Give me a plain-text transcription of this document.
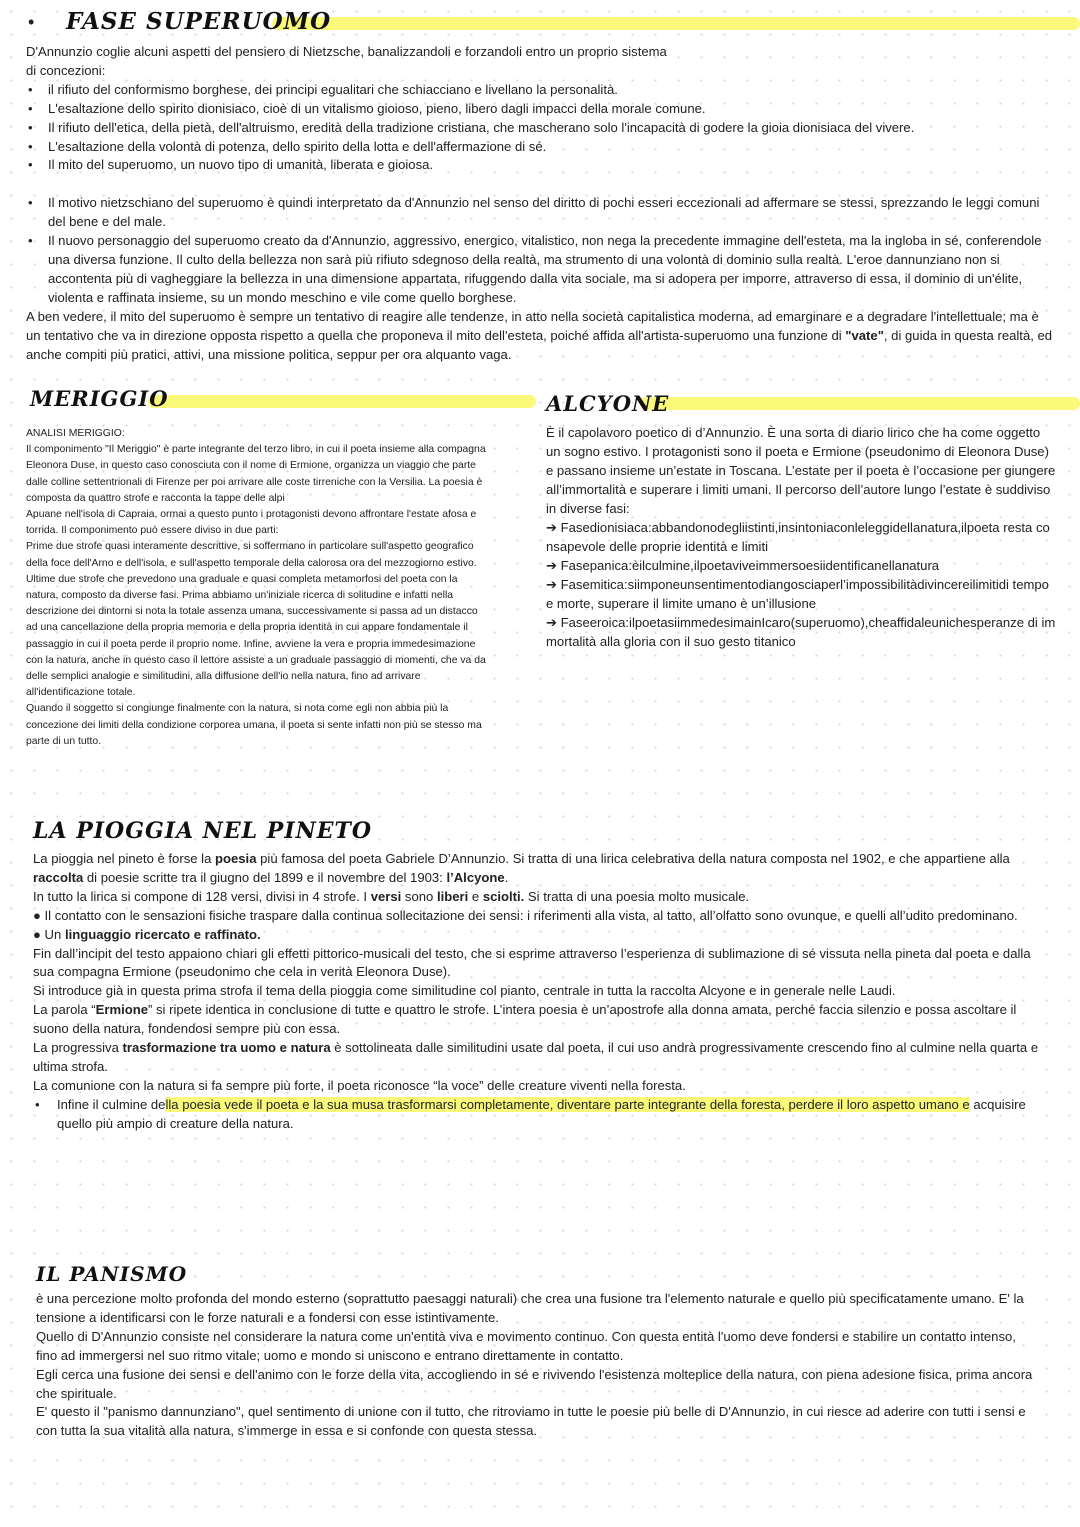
• FASE SUPERUOMO

D'Annunzio coglie alcuni aspetti del pensiero di Nietzsche, banalizzandoli e forzandoli entro un proprio sistema di concezioni:

• il rifiuto del conformismo borghese, dei principi egualitari che schiacciano e livellano la personalità.
• L'esaltazione dello spirito dionisiaco, cioè di un vitalismo gioioso, pieno, libero dagli impacci della morale comune.
• Il rifiuto dell'etica, della pietà, dell'altruismo, eredità della tradizione cristiana, che mascherano solo l'incapacità di godere la gioia dionisiaca del vivere.
• L'esaltazione della volontà di potenza, dello spirito della lotta e dell'affermazione di sé.
• Il mito del superuomo, un nuovo tipo di umanità, liberata e gioiosa.
• Il motivo nietzschiano del superuomo è quindi interpretato da d'Annunzio nel senso del diritto di pochi esseri eccezionali ad affermare se stessi, sprezzando le leggi comuni del bene e del male.
• Il nuovo personaggio del superuomo creato da d'Annunzio, aggressivo, energico, vitalistico, non nega la precedente immagine dell'esteta, ma la ingloba in sé, conferendole una diversa funzione. Il culto della bellezza non sarà più rifiuto sdegnoso della realtà, ma strumento di una volontà di dominio sulla realtà. L'eroe dannunziano non si accontenta più di vagheggiare la bellezza in una dimensione appartata, rifuggendo dalla vita sociale, ma si adopera per imporre, attraverso di essa, il dominio di un'élite, violenta e raffinata insieme, su un mondo meschino e vile come quello borghese.

A ben vedere, il mito del superuomo è sempre un tentativo di reagire alle tendenze, in atto nella società capitalistica moderna, ad emarginare e a degradare l'intellettuale; ma è un tentativo che va in direzione opposta rispetto a quella che proponeva il mito dell'esteta, poiché affida all'artista-superuomo una funzione di "vate", di guida in questa realtà, ed anche compiti più pratici, attivi, una missione politica, seppur per ora alquanto vaga.

MERIGGIO

ANALISI MERIGGIO:

Il componimento "Il Meriggio" è parte integrante del terzo libro, in cui il poeta insieme alla compagna Eleonora Duse, in questo caso conosciuta con il nome di Ermione, organizza un viaggio che parte dalle colline settentrionali di Firenze per poi arrivare alle coste tirreniche con la Versilia. La poesia è composta da quattro strofe e racconta la tappe delle alpi

Apuane nell'isola di Capraia, ormai a questo punto i protagonisti devono affrontare l'estate afosa e torrida. Il componimento può essere diviso in due parti:

Prime due strofe quasi interamente descrittive, si soffermano in particolare sull'aspetto geografico della foce dell'Arno e dell'isola, e sull'aspetto temporale della calorosa ora del mezzogiorno estivo.

Ultime due strofe che prevedono una graduale e quasi completa metamorfosi del poeta con la natura, composto da diverse fasi. Prima abbiamo un'iniziale ricerca di solitudine e infatti nella descrizione dei dintorni si nota la totale assenza umana, successivamente si passa ad un distacco ad una cancellazione della propria memoria e della propria identità in cui appare fondamentale il passaggio in cui il poeta perde il proprio nome. Infine, avviene la vera e propria immedesimazione con la natura, anche in questo caso il lettore assiste a un graduale passaggio di momenti, che va da delle semplici analogie e similitudini, alla diffusione dell'io nella natura, fino ad arrivare all'identificazione totale.

Quando il soggetto si congiunge finalmente con la natura, si nota come egli non abbia più la concezione dei limiti della condizione corporea umana, il poeta si sente infatti non più se stesso ma parte di un tutto.

ALCYONE

È il capolavoro poetico di d’Annunzio. È una sorta di diario lirico che ha come oggetto un sogno estivo. I protagonisti sono il poeta e Ermione (pseudonimo di Eleonora Duse) e passano insieme un’estate in Toscana. L’estate per il poeta è l’occasione per giungere all’immortalità e superare i limiti umani. Il percorso dell’autore lungo l’estate è suddiviso in diverse fasi:

➔ Fasedionisiaca:abbandonodegliistinti,insintoniaconleleggidellanatura,ilpoeta resta consapevole delle proprie identità e limiti

➔ Fasepanica:èilculmine,ilpoetaviveimmersoesiidentificanellanatura

➔ Fasemitica:siimponeunsentimentodiangosciaperl’impossibilitàdivincereilimitidi tempo e morte, superare il limite umano è un’illusione

➔ Faseeroica:ilpoetasiimmedesimainIcaro(superuomo),cheaffidaleunichesperanze di immortalità alla gloria con il suo gesto titanico

LA PIOGGIA NEL PINETO

La pioggia nel pineto è forse la poesia più famosa del poeta Gabriele D’Annunzio. Si tratta di una lirica celebrativa della natura composta nel 1902, e che appartiene alla raccolta di poesie scritte tra il giugno del 1899 e il novembre del 1903: l’Alcyone.

In tutto la lirica si compone di 128 versi, divisi in 4 strofe. I versi sono liberi e sciolti. Si tratta di una poesia molto musicale.

● Il contatto con le sensazioni fisiche traspare dalla continua sollecitazione dei sensi: i riferimenti alla vista, al tatto, all’olfatto sono ovunque, e quelli all’udito predominano.

● Un linguaggio ricercato e raffinato.

Fin dall’incipit del testo appaiono chiari gli effetti pittorico-musicali del testo, che si esprime attraverso l’esperienza di sublimazione di sé vissuta nella pineta dal poeta e dalla sua compagna Ermione (pseudonimo che cela in verità Eleonora Duse).

Si introduce già in questa prima strofa il tema della pioggia come similitudine col pianto, centrale in tutta la raccolta Alcyone e in generale nelle Laudi.

La parola “Ermione” si ripete identica in conclusione di tutte e quattro le strofe. L’intera poesia è un’apostrofe alla donna amata, perché faccia silenzio e possa ascoltare il suono della natura, fondendosi sempre più con essa.

La progressiva trasformazione tra uomo e natura è sottolineata dalle similitudini usate dal poeta, il cui uso andrà progressivamente crescendo fino al culmine nella quarta e ultima strofa.

La comunione con la natura si fa sempre più forte, il poeta riconosce “la voce” delle creature viventi nella foresta.

• Infine il culmine della poesia vede il poeta e la sua musa trasformarsi completamente, diventare parte integrante della foresta, perdere il loro aspetto umano e acquisire quello più ampio di creature della natura.
IL PANISMO

è una percezione molto profonda del mondo esterno (soprattutto paesaggi naturali) che crea una fusione tra l'elemento naturale e quello più specificatamente umano. E' la tensione a identificarsi con le forze naturali e a fondersi con esse istintivamente.

Quello di D'Annunzio consiste nel considerare la natura come un'entità viva e movimento continuo. Con questa entità l'uomo deve fondersi e stabilire un contatto intenso, fino ad immergersi nel suo ritmo vitale; uomo e mondo si uniscono e entrano direttamente in contatto.

Egli cerca una fusione dei sensi e dell'animo con le forze della vita, accogliendo in sé e rivivendo l'esistenza molteplice della natura, con piena adesione fisica, prima ancora che spirituale.

E' questo il "panismo dannunziano", quel sentimento di unione con il tutto, che ritroviamo in tutte le poesie più belle di D'Annunzio, in cui riesce ad aderire con tutti i sensi e con tutta la sua vitalità alla natura, s'immerge in essa e si confonde con questa stessa.
